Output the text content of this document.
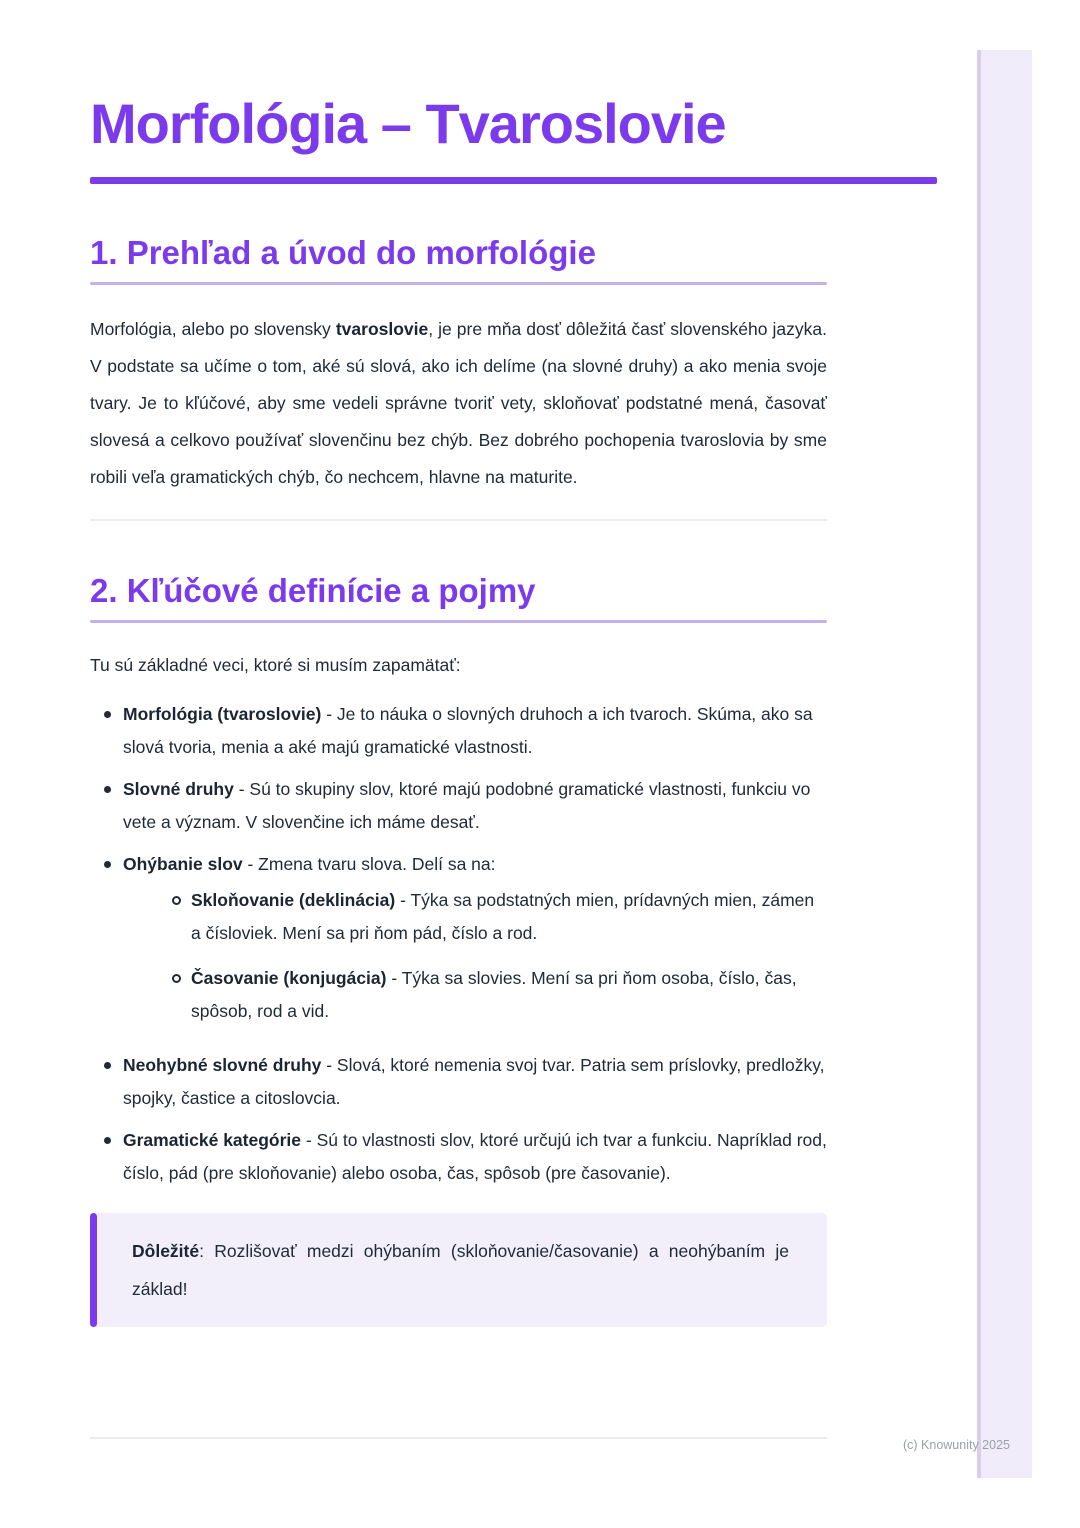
Morfológia – Tvaroslovie
1. Prehľad a úvod do morfológie

Morfológia, alebo po slovensky tvaroslovie, je pre mňa dosť dôležitá časť slovenského jazyka. V podstate sa učíme o tom, aké sú slová, ako ich delíme (na slovné druhy) a ako menia svoje tvary. Je to kľúčové, aby sme vedeli správne tvoriť vety, skloňovať podstatné mená, časovať slovesá a celkovo používať slovenčinu bez chýb. Bez dobrého pochopenia tvaroslovia by sme robili veľa gramatických chýb, čo nechcem, hlavne na maturite.

2. Kľúčové definície a pojmy

Tu sú základné veci, ktoré si musím zapamätať:

Morfológia (tvaroslovie) - Je to náuka o slovných druhoch a ich tvaroch. Skúma, ako sa slová tvoria, menia a aké majú gramatické vlastnosti.
Slovné druhy - Sú to skupiny slov, ktoré majú podobné gramatické vlastnosti, funkciu vo vete a význam. V slovenčine ich máme desať.
Ohýbanie slov - Zmena tvaru slova. Delí sa na:
Skloňovanie (deklinácia) - Týka sa podstatných mien, prídavných mien, zámen a čísloviek. Mení sa pri ňom pád, číslo a rod.
Časovanie (konjugácia) - Týka sa slovies. Mení sa pri ňom osoba, číslo, čas, spôsob, rod a vid.
Neohybné slovné druhy - Slová, ktoré nemenia svoj tvar. Patria sem príslovky, predložky, spojky, častice a citoslovcia.
Gramatické kategórie - Sú to vlastnosti slov, ktoré určujú ich tvar a funkciu. Napríklad rod, číslo, pád (pre skloňovanie) alebo osoba, čas, spôsob (pre časovanie).
Dôležité: Rozlišovať medzi ohýbaním (skloňovanie/časovanie) a neohýbaním je základ!
(c) Knowunity 2025
